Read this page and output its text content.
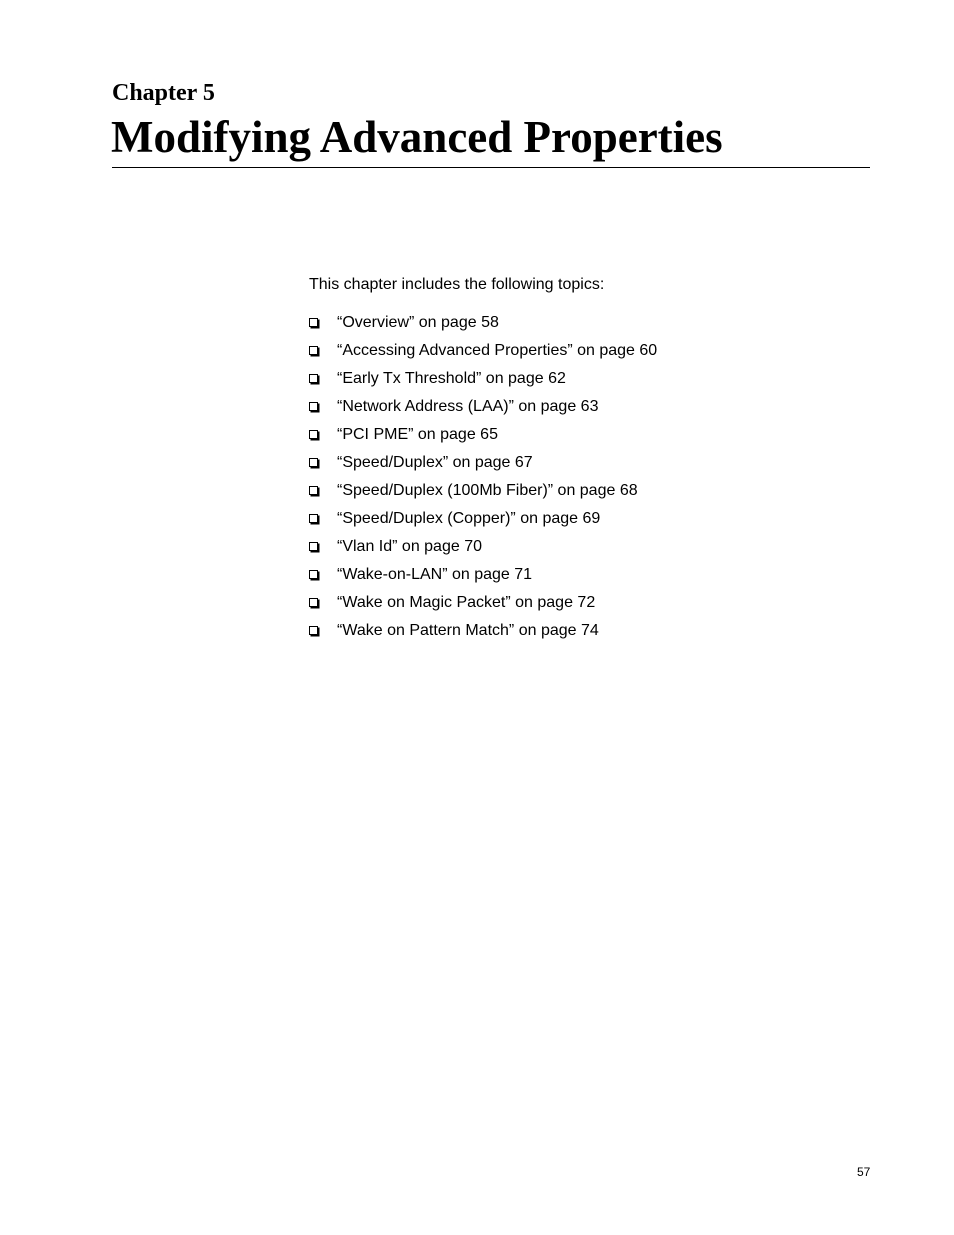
Chapter 5
Modifying Advanced Properties

This chapter includes the following topics:

“Overview” on page 58
“Accessing Advanced Properties” on page 60
“Early Tx Threshold” on page 62
“Network Address (LAA)” on page 63
“PCI PME” on page 65
“Speed/Duplex” on page 67
“Speed/Duplex (100Mb Fiber)” on page 68
“Speed/Duplex (Copper)” on page 69
“Vlan Id” on page 70
“Wake-on-LAN” on page 71
“Wake on Magic Packet” on page 72
“Wake on Pattern Match” on page 74
57
